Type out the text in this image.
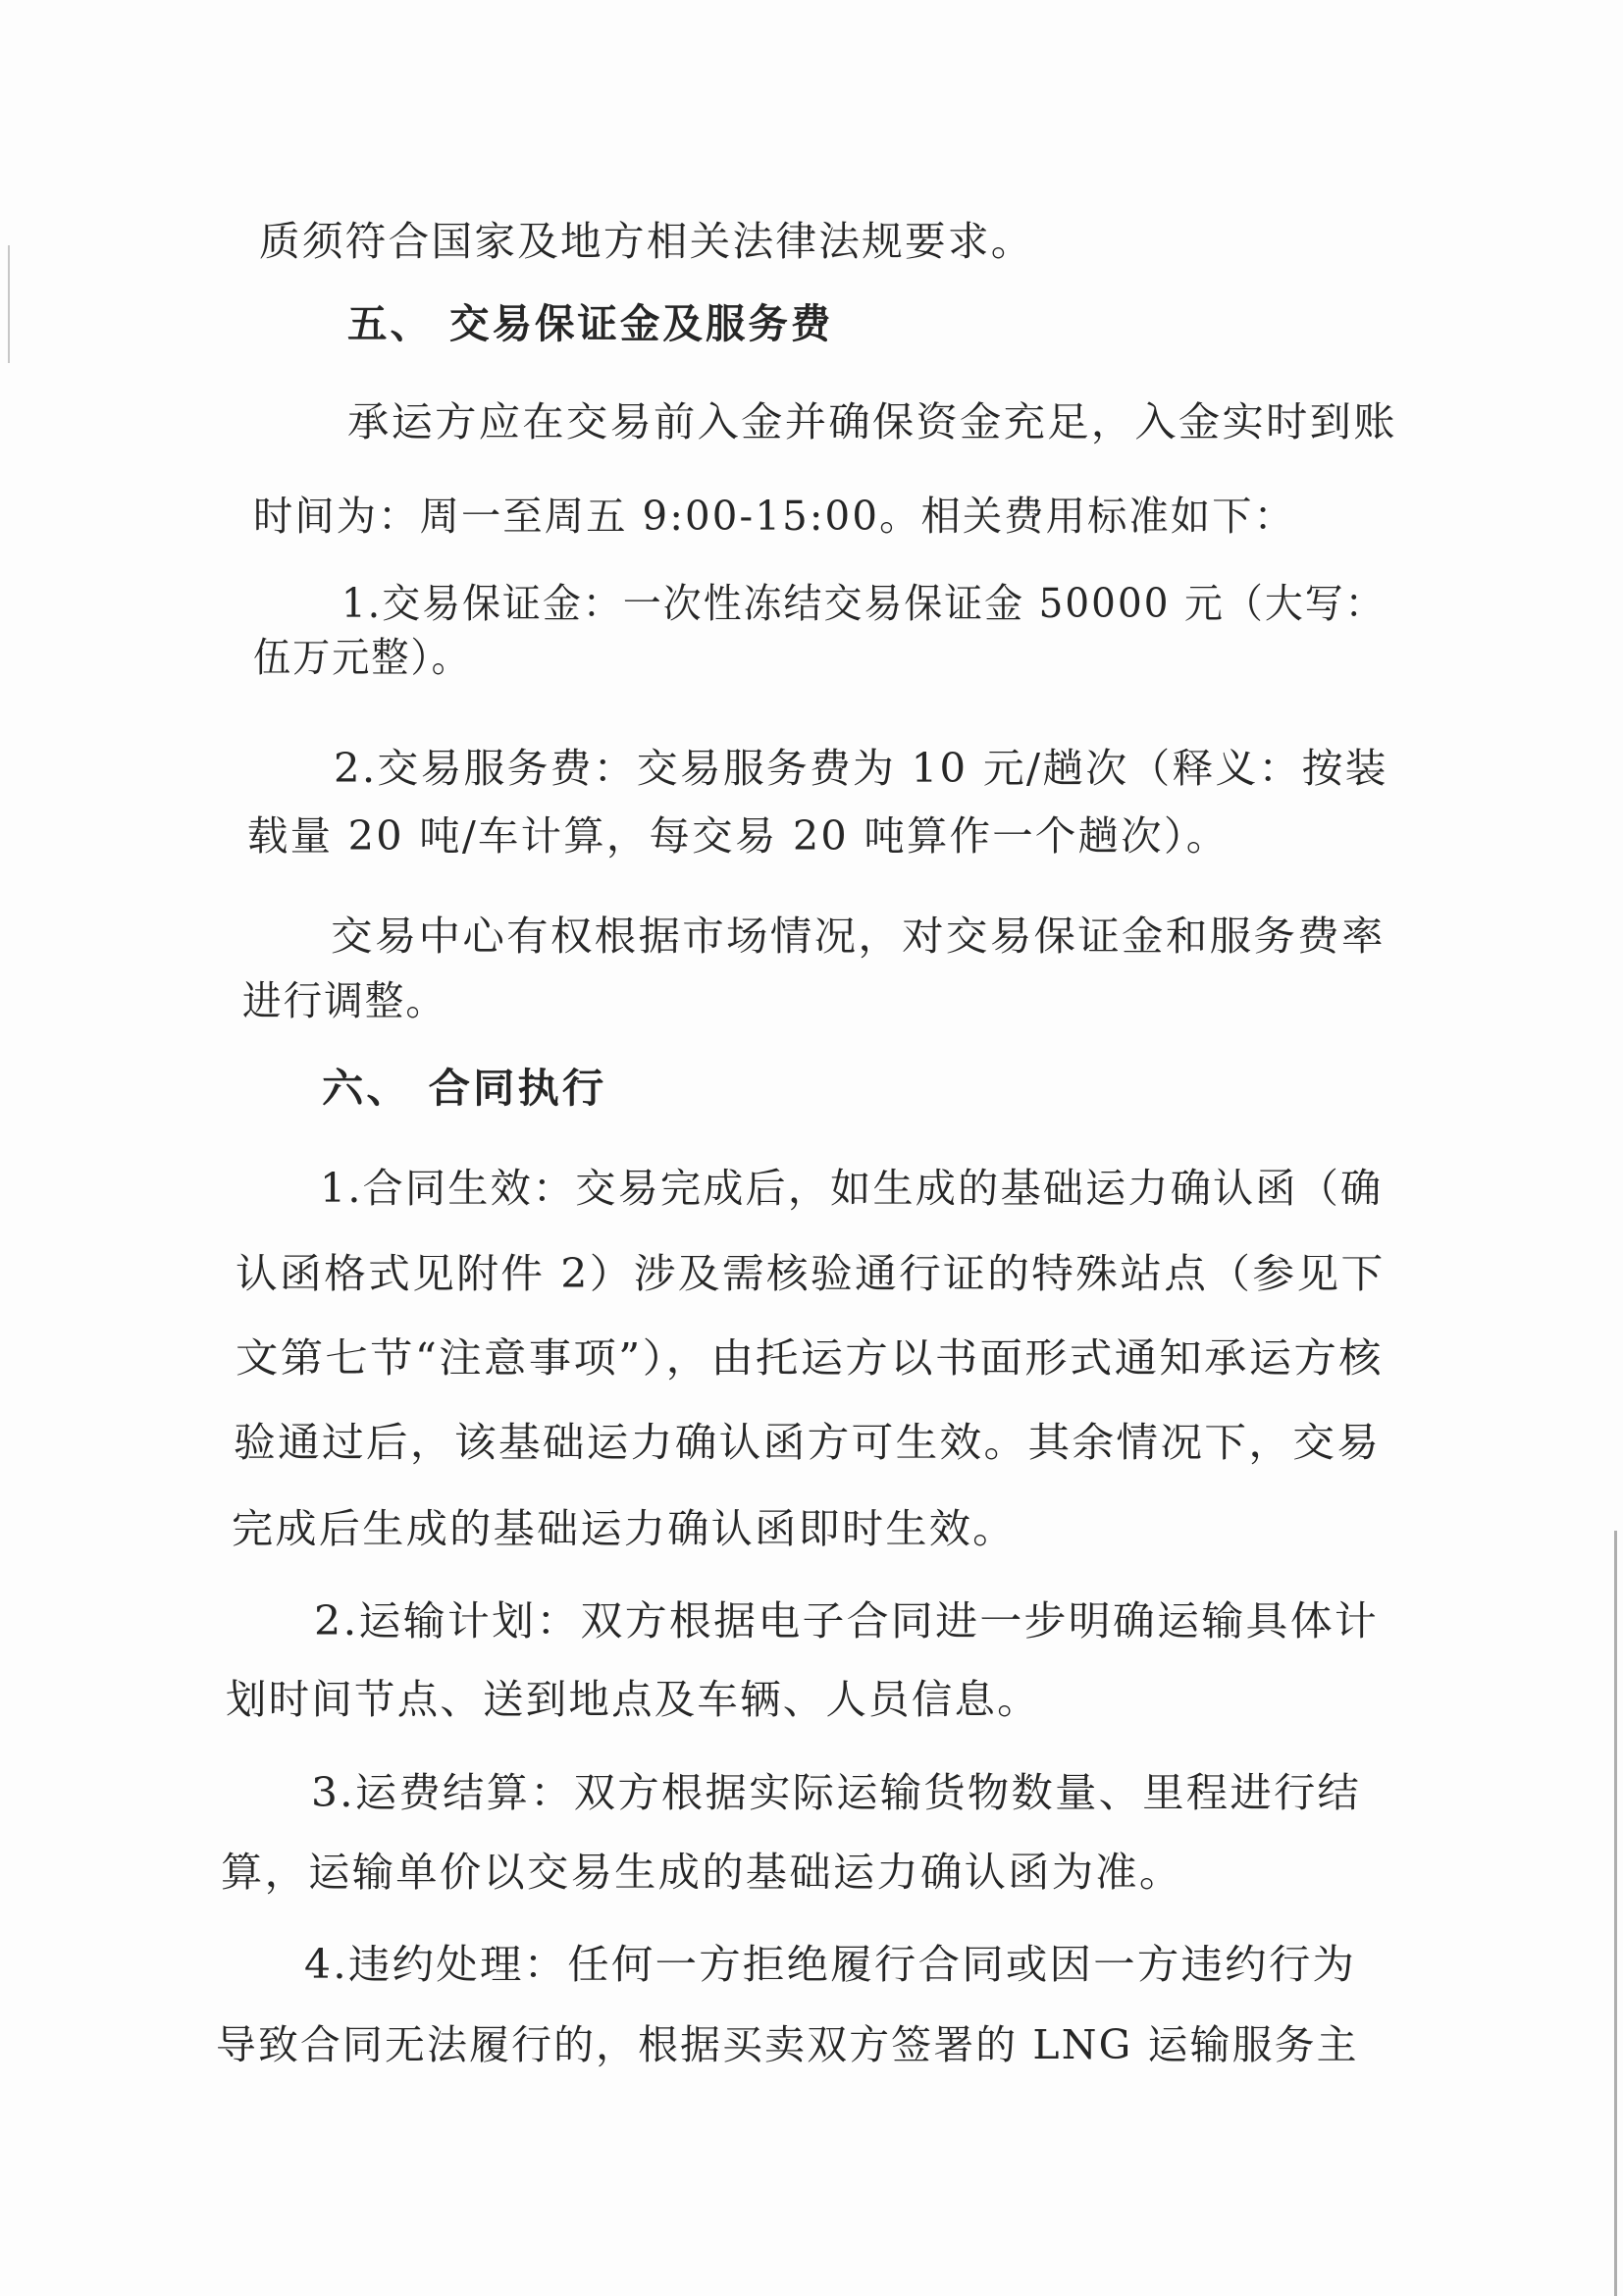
质须符合国家及地方相关法律法规要求。
五、 交易保证金及服务费
承运方应在交易前入金并确保资金充足，入金实时到账
时间为：周一至周五 9:00-15:00。相关费用标准如下：
1.交易保证金：一次性冻结交易保证金 50000 元（大写：
伍万元整）。
2.交易服务费：交易服务费为 10 元/趟次（释义：按装
载量 20 吨/车计算，每交易 20 吨算作一个趟次）。
交易中心有权根据市场情况，对交易保证金和服务费率
进行调整。
六、 合同执行
1.合同生效：交易完成后，如生成的基础运力确认函（确
认函格式见附件 2）涉及需核验通行证的特殊站点（参见下
文第七节“注意事项”），由托运方以书面形式通知承运方核
验通过后，该基础运力确认函方可生效。其余情况下，交易
完成后生成的基础运力确认函即时生效。
2.运输计划：双方根据电子合同进一步明确运输具体计
划时间节点、送到地点及车辆、人员信息。
3.运费结算：双方根据实际运输货物数量、里程进行结
算，运输单价以交易生成的基础运力确认函为准。
4.违约处理：任何一方拒绝履行合同或因一方违约行为
导致合同无法履行的，根据买卖双方签署的 LNG 运输服务主
